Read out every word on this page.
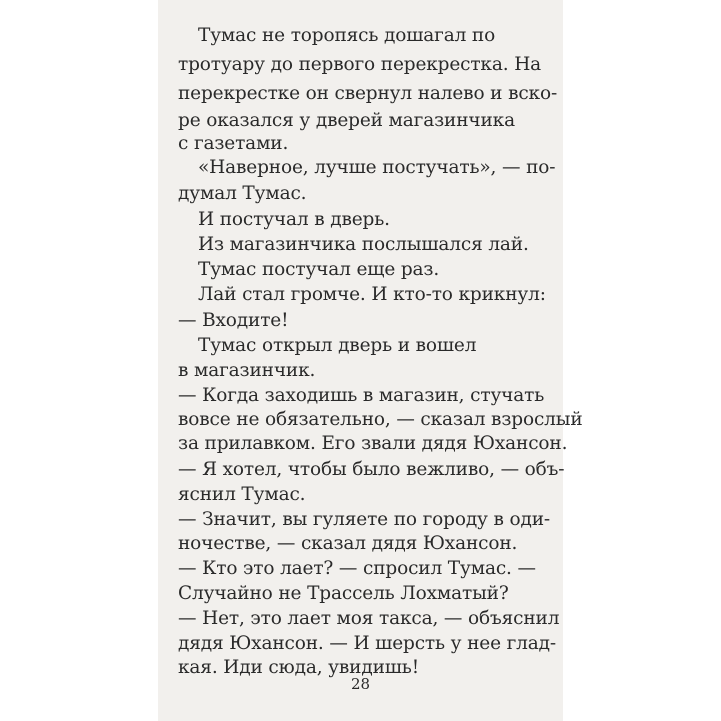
Тумас не торопясь дошагал по
тротуару до первого перекрестка. На
перекрестке он свернул налево и вско-
ре оказался у дверей магазинчика
с газетами.
«Наверное, лучше постучать», — по-
думал Тумас.
И постучал в дверь.
Из магазинчика послышался лай.
Тумас постучал еще раз.
Лай стал громче. И кто-то крикнул:
— Входите!
Тумас открыл дверь и вошел
в магазинчик.
— Когда заходишь в магазин, стучать
вовсе не обязательно, — сказал взрослый
за прилавком. Его звали дядя Юхансон.
— Я хотел, чтобы было вежливо, — объ-
яснил Тумас.
— Значит, вы гуляете по городу в оди-
ночестве, — сказал дядя Юхансон.
— Кто это лает? — спросил Тумас. —
Случайно не Трассель Лохматый?
— Нет, это лает моя такса, — объяснил
дядя Юхансон. — И шерсть у нее глад-
кая. Иди сюда, увидишь!
28
